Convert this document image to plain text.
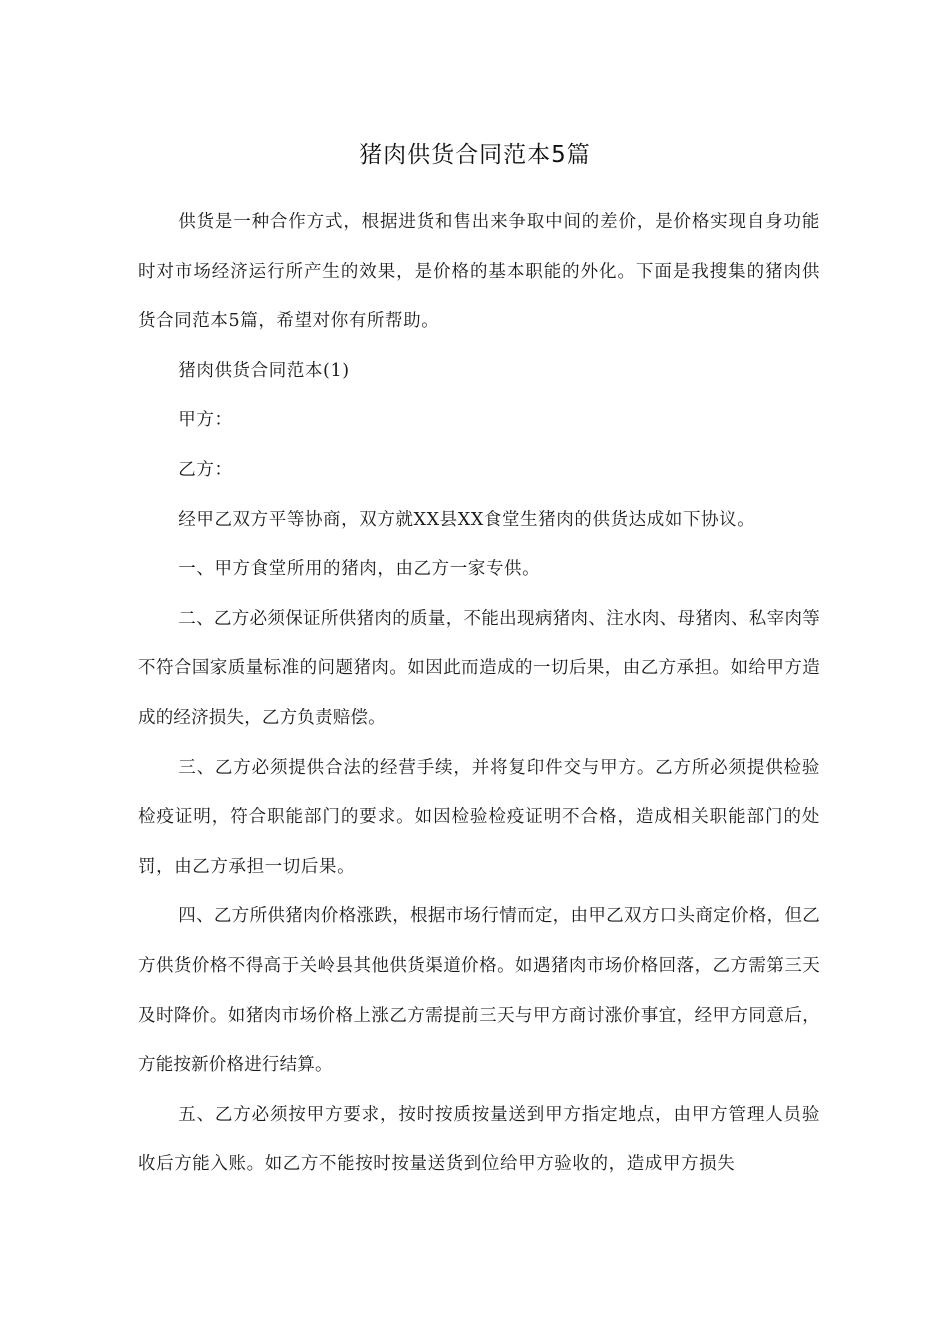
猪肉供货合同范本5篇

供货是一种合作方式，根据进货和售出来争取中间的差价，是价格实现自身功能时对市场经济运行所产生的效果，是价格的基本职能的外化。下面是我搜集的猪肉供货合同范本5篇，希望对你有所帮助。

猪肉供货合同范本(1)

甲方：

乙方：

经甲乙双方平等协商，双方就XX县XX食堂生猪肉的供货达成如下协议。

一、甲方食堂所用的猪肉，由乙方一家专供。

二、乙方必须保证所供猪肉的质量，不能出现病猪肉、注水肉、母猪肉、私宰肉等不符合国家质量标准的问题猪肉。如因此而造成的一切后果，由乙方承担。如给甲方造成的经济损失，乙方负责赔偿。

三、乙方必须提供合法的经营手续，并将复印件交与甲方。乙方所必须提供检验检疫证明，符合职能部门的要求。如因检验检疫证明不合格，造成相关职能部门的处罚，由乙方承担一切后果。

四、乙方所供猪肉价格涨跌，根据市场行情而定，由甲乙双方口头商定价格，但乙方供货价格不得高于关岭县其他供货渠道价格。如遇猪肉市场价格回落，乙方需第三天及时降价。如猪肉市场价格上涨乙方需提前三天与甲方商讨涨价事宜，经甲方同意后，方能按新价格进行结算。

五、乙方必须按甲方要求，按时按质按量送到甲方指定地点，由甲方管理人员验收后方能入账。如乙方不能按时按量送货到位给甲方验收的，造成甲方损失
